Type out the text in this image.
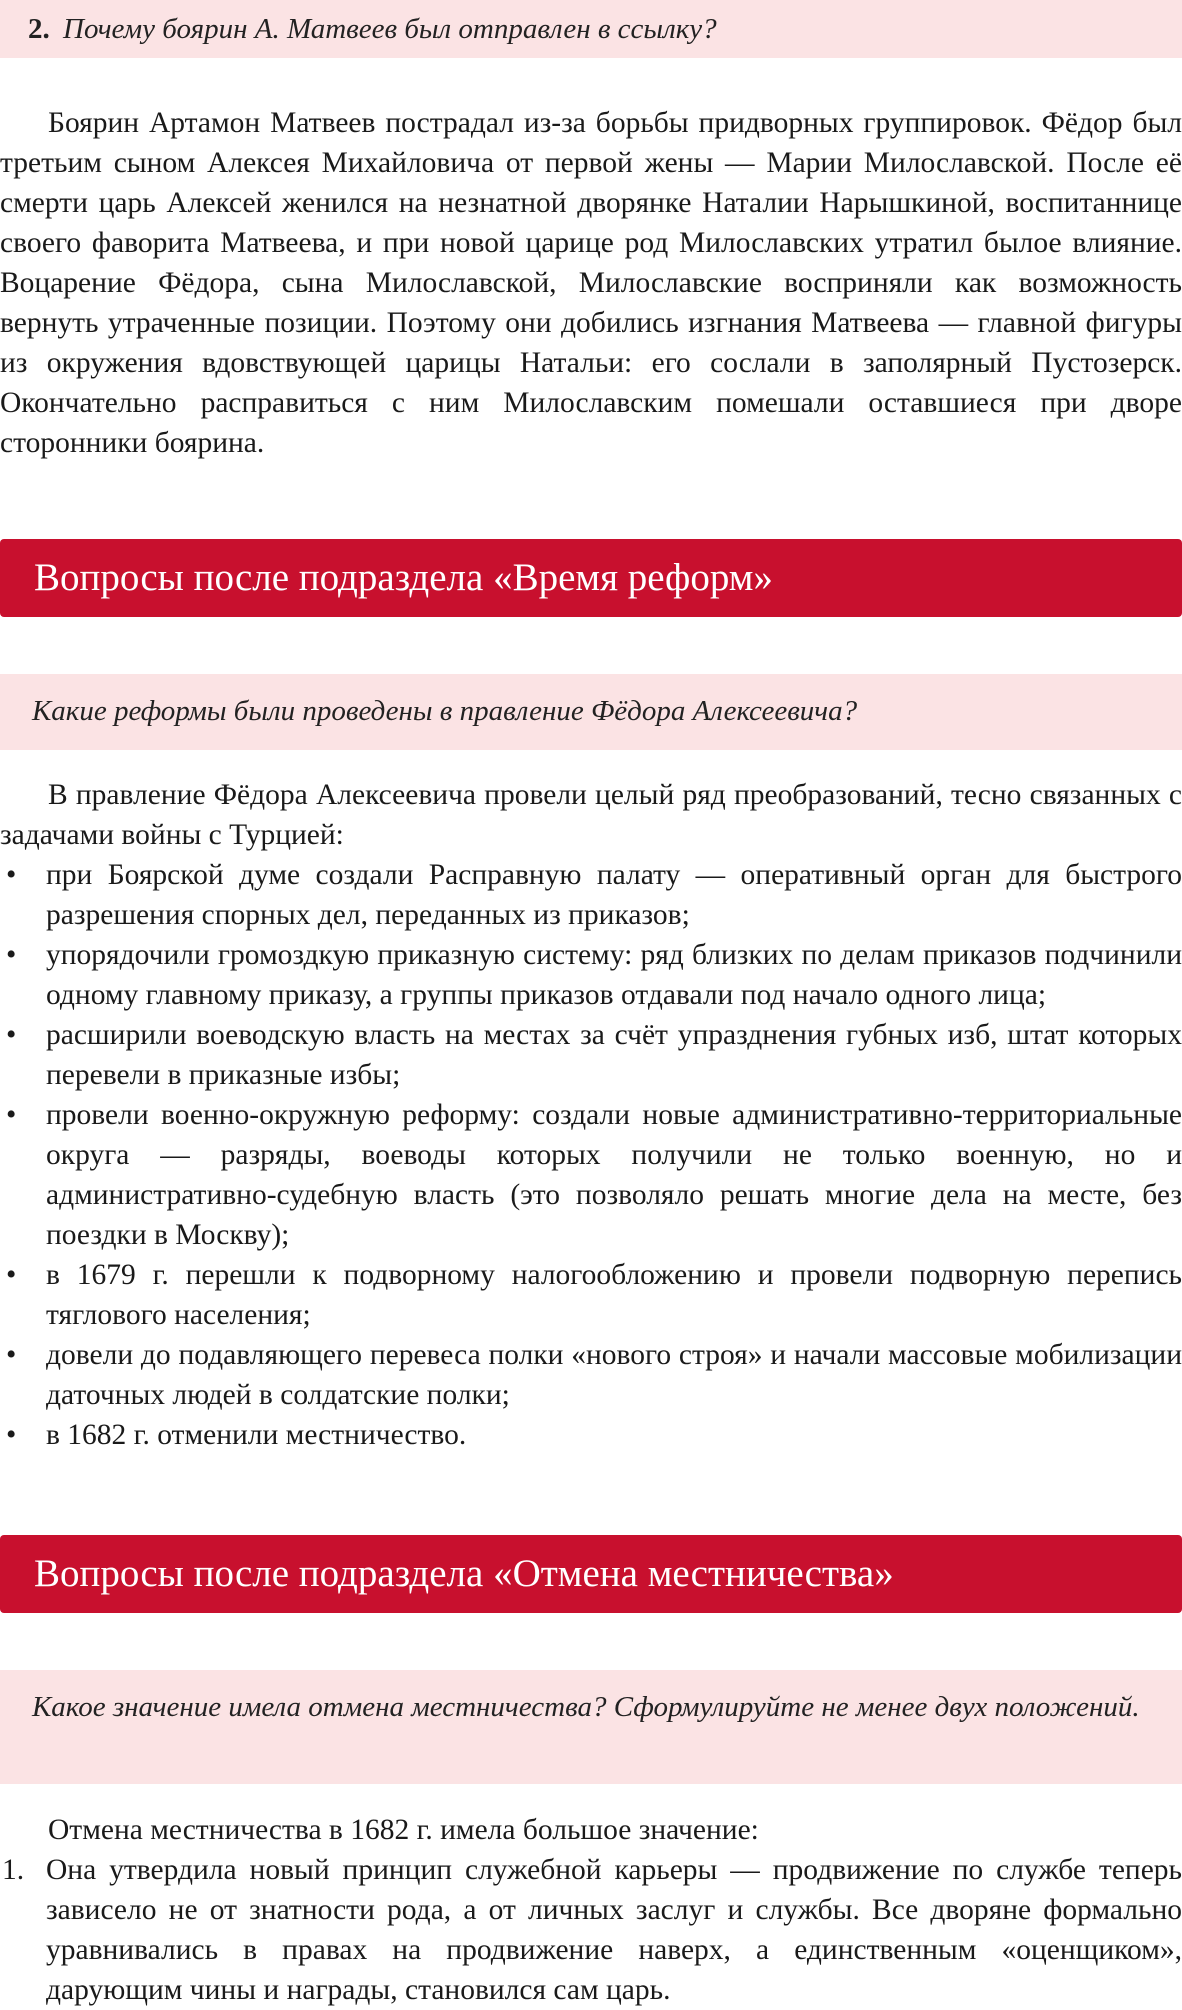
2. Почему боярин А. Матвеев был отправлен в ссылку?

Боярин Артамон Матвеев пострадал из-за борьбы придворных группировок. Фёдор был третьим сыном Алексея Михайловича от первой жены — Марии Милославской. После её смерти царь Алексей женился на незнатной дворянке Наталии Нарышкиной, воспитаннице своего фаворита Матвеева, и при новой царице род Милославских утратил былое влияние. Воцарение Фёдора, сына Милославской, Милославские восприняли как возможность вернуть утраченные позиции. Поэтому они добились изгнания Матвеева — главной фигуры из окружения вдовствующей царицы Натальи: его сослали в заполярный Пустозерск. Окончательно расправиться с ним Милославским помешали оставшиеся при дворе сторонники боярина.

Вопросы после подраздела «Время реформ»
Какие реформы были проведены в правление Фёдора Алексеевича?

В правление Фёдора Алексеевича провели целый ряд преобразований, тесно связанных с задачами войны с Турцией:

• при Боярской думе создали Расправную палату — оперативный орган для быстрого разрешения спорных дел, переданных из приказов;
• упорядочили громоздкую приказную систему: ряд близких по делам приказов подчинили одному главному приказу, а группы приказов отдавали под начало одного лица;
• расширили воеводскую власть на местах за счёт упразднения губных изб, штат которых перевели в приказные избы;
• провели военно-окружную реформу: создали новые административно-территориальные округа — разряды, воеводы которых получили не только военную, но и административно-судебную власть (это позволяло решать многие дела на месте, без поездки в Москву);
• в 1679 г. перешли к подворному налогообложению и провели подворную перепись тяглового населения;
• довели до подавляющего перевеса полки «нового строя» и начали массовые мобилизации даточных людей в солдатские полки;
• в 1682 г. отменили местничество.
Вопросы после подраздела «Отмена местничества»
Какое значение имела отмена местничества? Сформулируйте не менее двух положений.

Отмена местничества в 1682 г. имела большое значение:

1. Она утвердила новый принцип служебной карьеры — продвижение по службе теперь зависело не от знатности рода, а от личных заслуг и службы. Все дворяне формально уравнивались в правах на продвижение наверх, а единственным «оценщиком», дарующим чины и награды, становился сам царь.
